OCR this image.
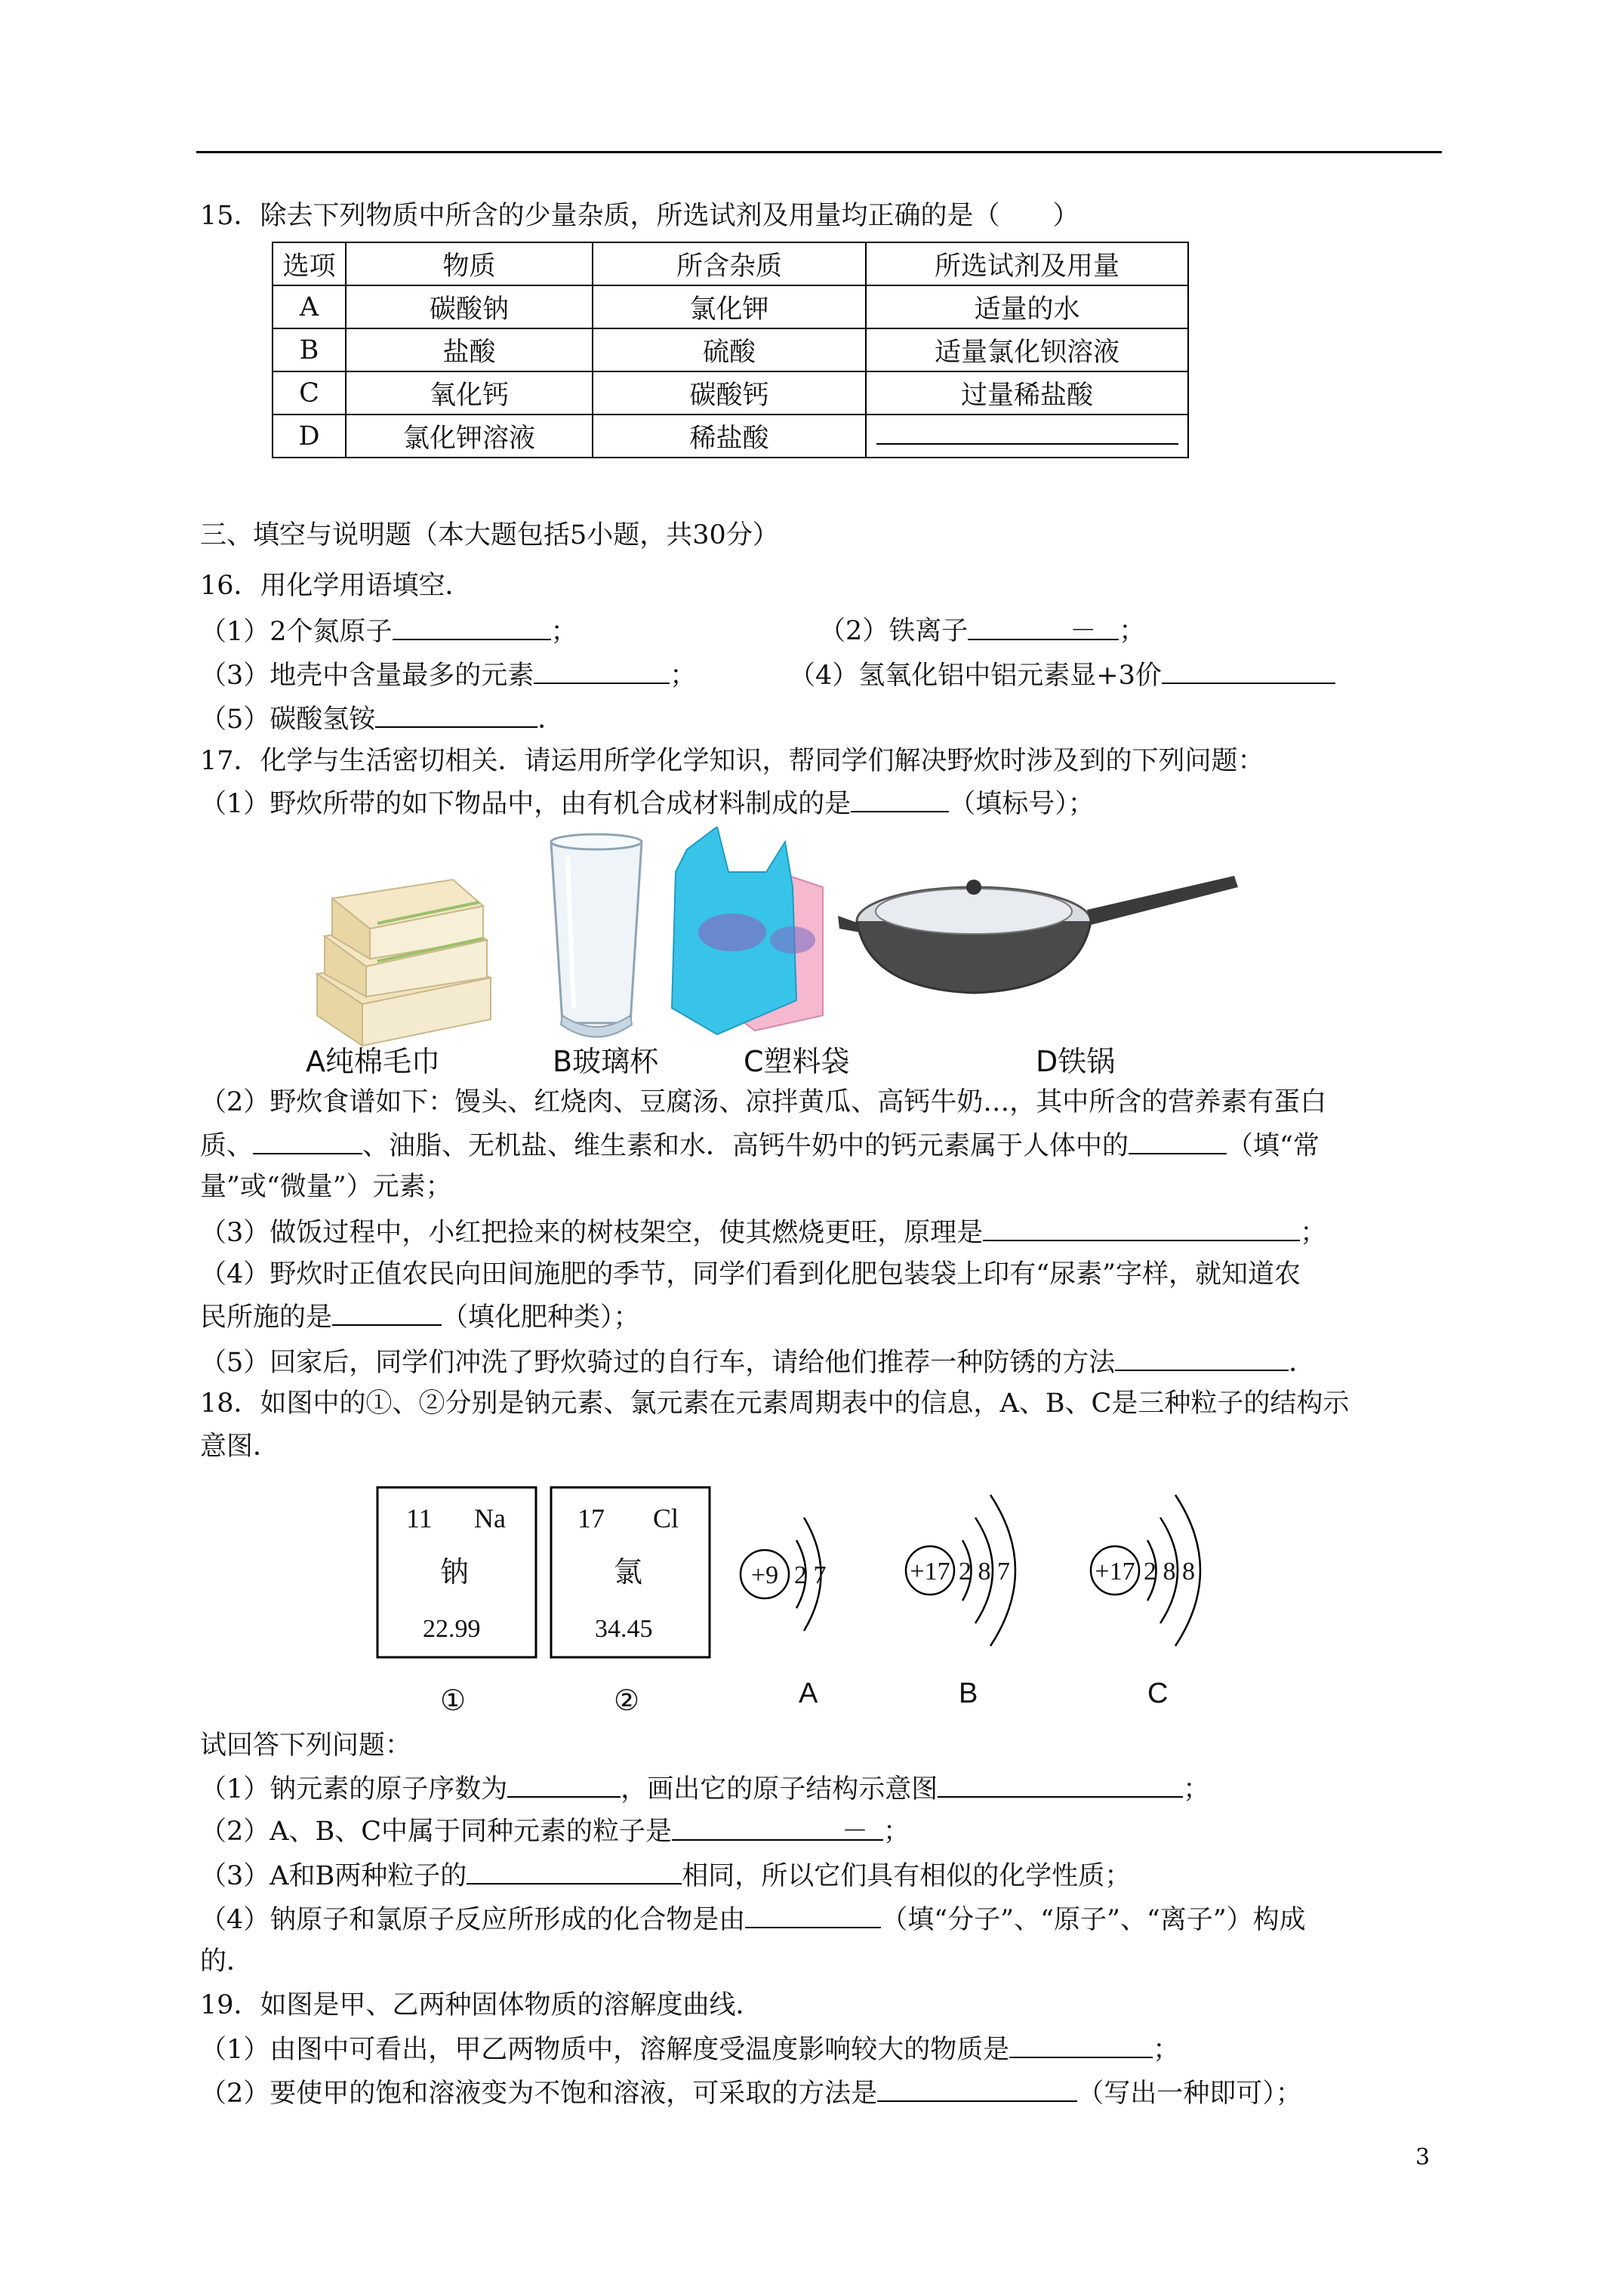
15．除去下列物质中所含的少量杂质，所选试剂及用量均正确的是（　　）
选项	物质	所含杂质	所选试剂及用量
A	碳酸钠	氯化钾	适量的水
B	盐酸	硫酸	适量氯化钡溶液
C	氧化钙	碳酸钙	过量稀盐酸
D	氯化钾溶液	稀盐酸	
三、填空与说明题（本大题包括5小题，共30分）
16．用化学用语填空．
（1）2个氮原子	；	（2）铁离子	－ ；
（3）地壳中含量最多的元素	；	（4）氢氧化铝中铝元素显+3价
（5）碳酸氢铵	．
17．化学与生活密切相关．请运用所学化学知识，帮同学们解决野炊时涉及到的下列问题：
（1）野炊所带的如下物品中，由有机合成材料制成的是	（填标号）；
A纯棉毛巾	B玻璃杯	C塑料袋	D铁锅
（2）野炊食谱如下：馒头、红烧肉、豆腐汤、凉拌黄瓜、高钙牛奶…，其中所含的营养素有蛋白
质、	、油脂、无机盐、维生素和水．高钙牛奶中的钙元素属于人体中的	（填“常
量”或“微量”）元素；
（3）做饭过程中，小红把捡来的树枝架空，使其燃烧更旺，原理是	；
（4）野炊时正值农民向田间施肥的季节，同学们看到化肥包装袋上印有“尿素”字样，就知道农
民所施的是	（填化肥种类）；
（5）回家后，同学们冲洗了野炊骑过的自行车，请给他们推荐一种防锈的方法	．
18．如图中的①、②分别是钠元素、氯元素在元素周期表中的信息，A、B、C是三种粒子的结构示
意图．
11 Na
钠
22.99
①
17 Cl
氯
34.45
②
+9 2 7	+17 2 8 7	+17 2 8 8
A	B	C
试回答下列问题：
（1）钠元素的原子序数为	，画出它的原子结构示意图	；
（2）A、B、C中属于同种元素的粒子是	－ ；
（3）A和B两种粒子的	相同，所以它们具有相似的化学性质；
（4）钠原子和氯原子反应所形成的化合物是由	（填“分子”、“原子”、“离子”）构成
的．
19．如图是甲、乙两种固体物质的溶解度曲线．
（1）由图中可看出，甲乙两物质中，溶解度受温度影响较大的物质是	；
（2）要使甲的饱和溶液变为不饱和溶液，可采取的方法是	（写出一种即可）；
3
